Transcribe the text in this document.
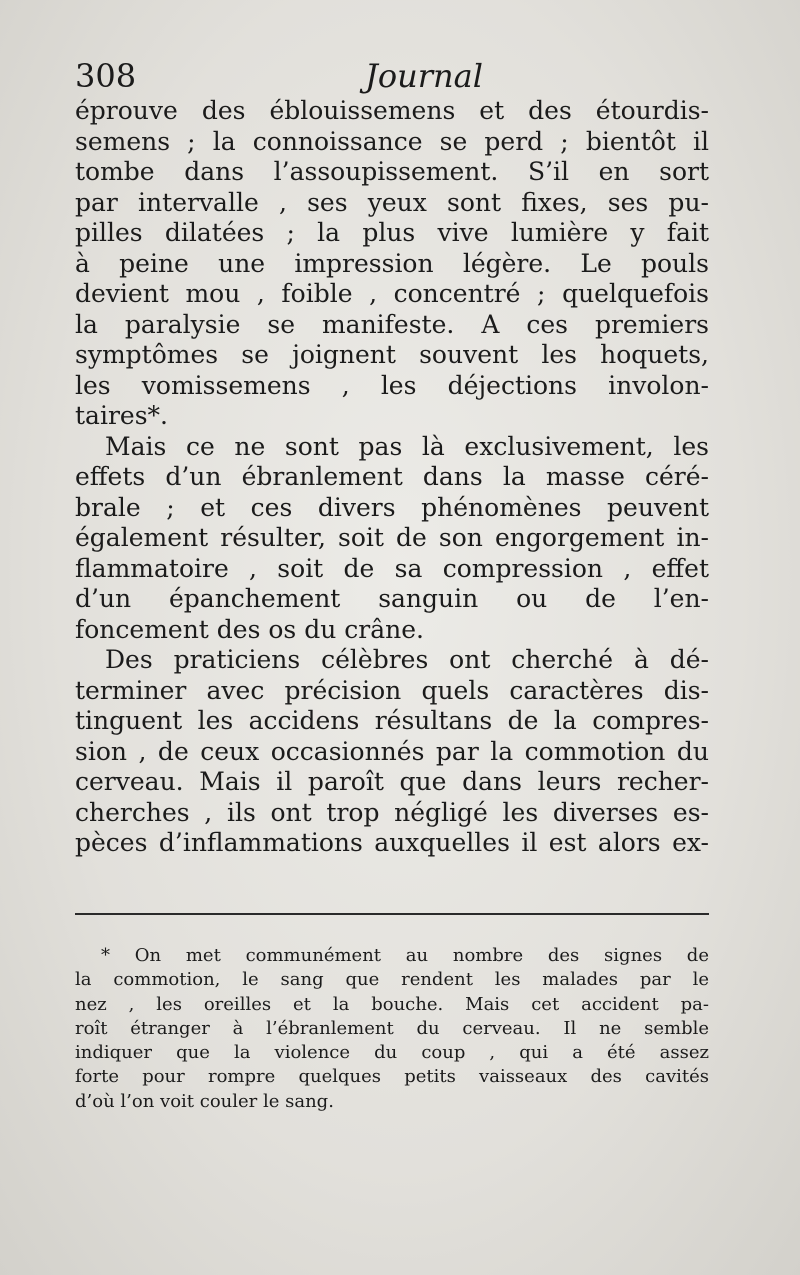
308	Journal
éprouve des éblouissemens et des étourdis-
semens ; la connoissance se perd ; bientôt il
tombe dans l’assoupissement. S’il en sort
par intervalle , ses yeux sont fixes, ses pu-
pilles dilatées ; la plus vive lumière y fait
à peine une impression légère. Le pouls
devient mou , foible , concentré ; quelquefois
la paralysie se manifeste. A ces premiers
symptômes se joignent souvent les hoquets,
les vomissemens , les déjections involon-
taires*.
Mais ce ne sont pas là exclusivement, les
effets d’un ébranlement dans la masse céré-
brale ; et ces divers phénomènes peuvent
également résulter, soit de son engorgement in-
flammatoire , soit de sa compression , effet
d’un épanchement sanguin ou de l’en-
foncement des os du crâne.
Des praticiens célèbres ont cherché à dé-
terminer avec précision quels caractères dis-
tinguent les accidens résultans de la compres-
sion , de ceux occasionnés par la commotion du
cerveau. Mais il paroît que dans leurs recher-
cherches , ils ont trop négligé les diverses es-
pèces d’inflammations auxquelles il est alors ex-
* On met communément au nombre des signes de
la commotion, le sang que rendent les malades par le
nez , les oreilles et la bouche. Mais cet accident pa-
roît étranger à l’ébranlement du cerveau. Il ne semble
indiquer que la violence du coup , qui a été assez
forte pour rompre quelques petits vaisseaux des cavités
d’où l’on voit couler le sang.
